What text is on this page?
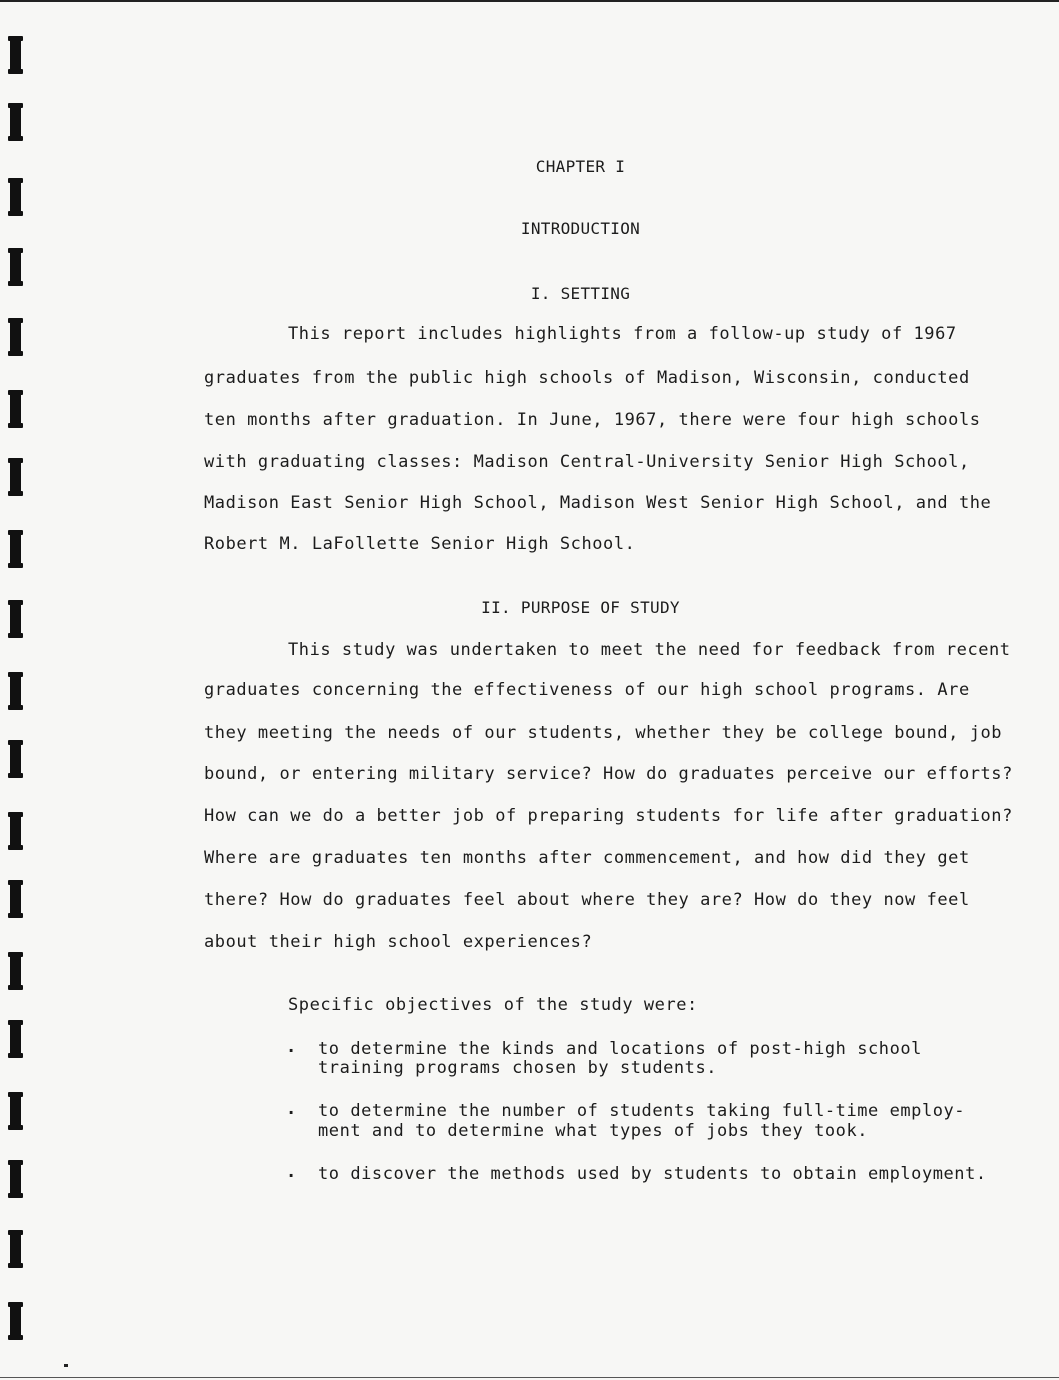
CHAPTER I
INTRODUCTION
I. SETTING
This report includes highlights from a follow-up study of 1967
graduates from the public high schools of Madison, Wisconsin, conducted
ten months after graduation. In June, 1967, there were four high schools
with graduating classes: Madison Central-University Senior High School,
Madison East Senior High School, Madison West Senior High School, and the
Robert M. LaFollette Senior High School.
II. PURPOSE OF STUDY
This study was undertaken to meet the need for feedback from recent
graduates concerning the effectiveness of our high school programs. Are
they meeting the needs of our students, whether they be college bound, job
bound, or entering military service? How do graduates perceive our efforts?
How can we do a better job of preparing students for life after graduation?
Where are graduates ten months after commencement, and how did they get
there? How do graduates feel about where they are? How do they now feel
about their high school experiences?
Specific objectives of the study were:
. to determine the kinds and locations of post-high school
training programs chosen by students.
. to determine the number of students taking full-time employ-
ment and to determine what types of jobs they took.
. to discover the methods used by students to obtain employment.
